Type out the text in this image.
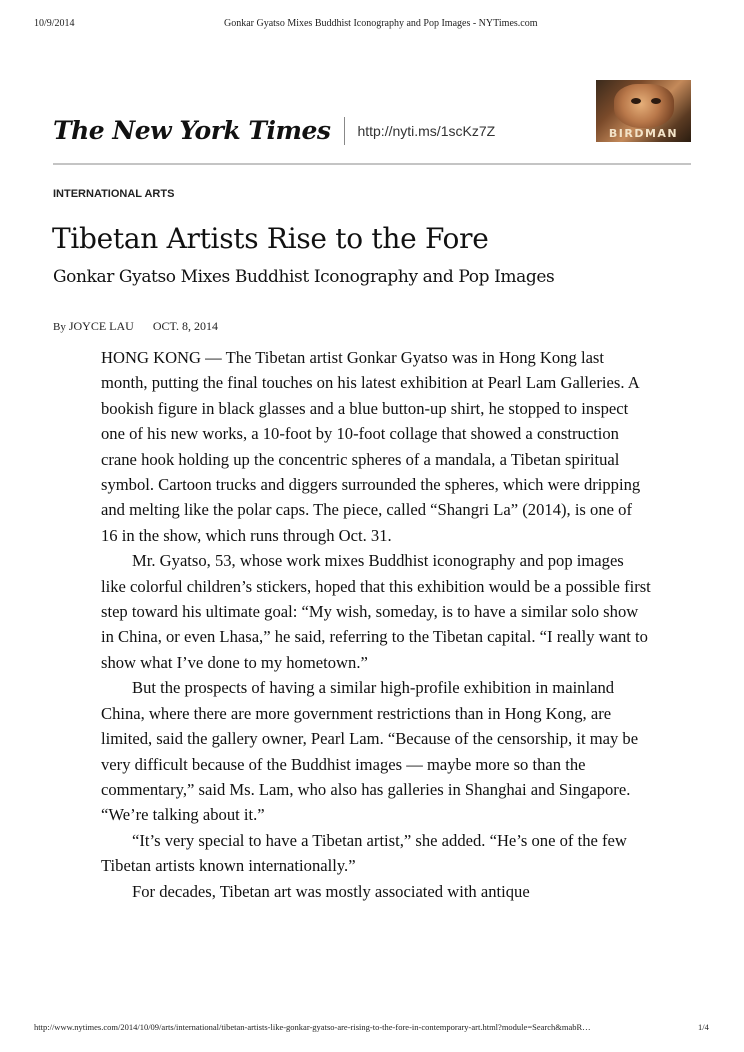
10/9/2014	Gonkar Gyatso Mixes Buddhist Iconography and Pop Images - NYTimes.com
The New York Times http://nyti.ms/1scKz7Z	BIRDMAN
INTERNATIONAL ARTS
Tibetan Artists Rise to the Fore
Gonkar Gyatso Mixes Buddhist Iconography and Pop Images
By JOYCE LAU OCT. 8, 2014

HONG KONG — The Tibetan artist Gonkar Gyatso was in Hong Kong last month, putting the final touches on his latest exhibition at Pearl Lam Galleries. A bookish figure in black glasses and a blue button-up shirt, he stopped to inspect one of his new works, a 10-foot by 10-foot collage that showed a construction crane hook holding up the concentric spheres of a mandala, a Tibetan spiritual symbol. Cartoon trucks and diggers surrounded the spheres, which were dripping and melting like the polar caps. The piece, called “Shangri La” (2014), is one of 16 in the show, which runs through Oct. 31.

Mr. Gyatso, 53, whose work mixes Buddhist iconography and pop images like colorful children’s stickers, hoped that this exhibition would be a possible first step toward his ultimate goal: “My wish, someday, is to have a similar solo show in China, or even Lhasa,” he said, referring to the Tibetan capital. “I really want to show what I’ve done to my hometown.”

But the prospects of having a similar high-profile exhibition in mainland China, where there are more government restrictions than in Hong Kong, are limited, said the gallery owner, Pearl Lam. “Because of the censorship, it may be very difficult because of the Buddhist images — maybe more so than the commentary,” said Ms. Lam, who also has galleries in Shanghai and Singapore. “We’re talking about it.”

“It’s very special to have a Tibetan artist,” she added. “He’s one of the few Tibetan artists known internationally.”

For decades, Tibetan art was mostly associated with antique

http://www.nytimes.com/2014/10/09/arts/international/tibetan-artists-like-gonkar-gyatso-are-rising-to-the-fore-in-contemporary-art.html?module=Search&mabR…	1/4
